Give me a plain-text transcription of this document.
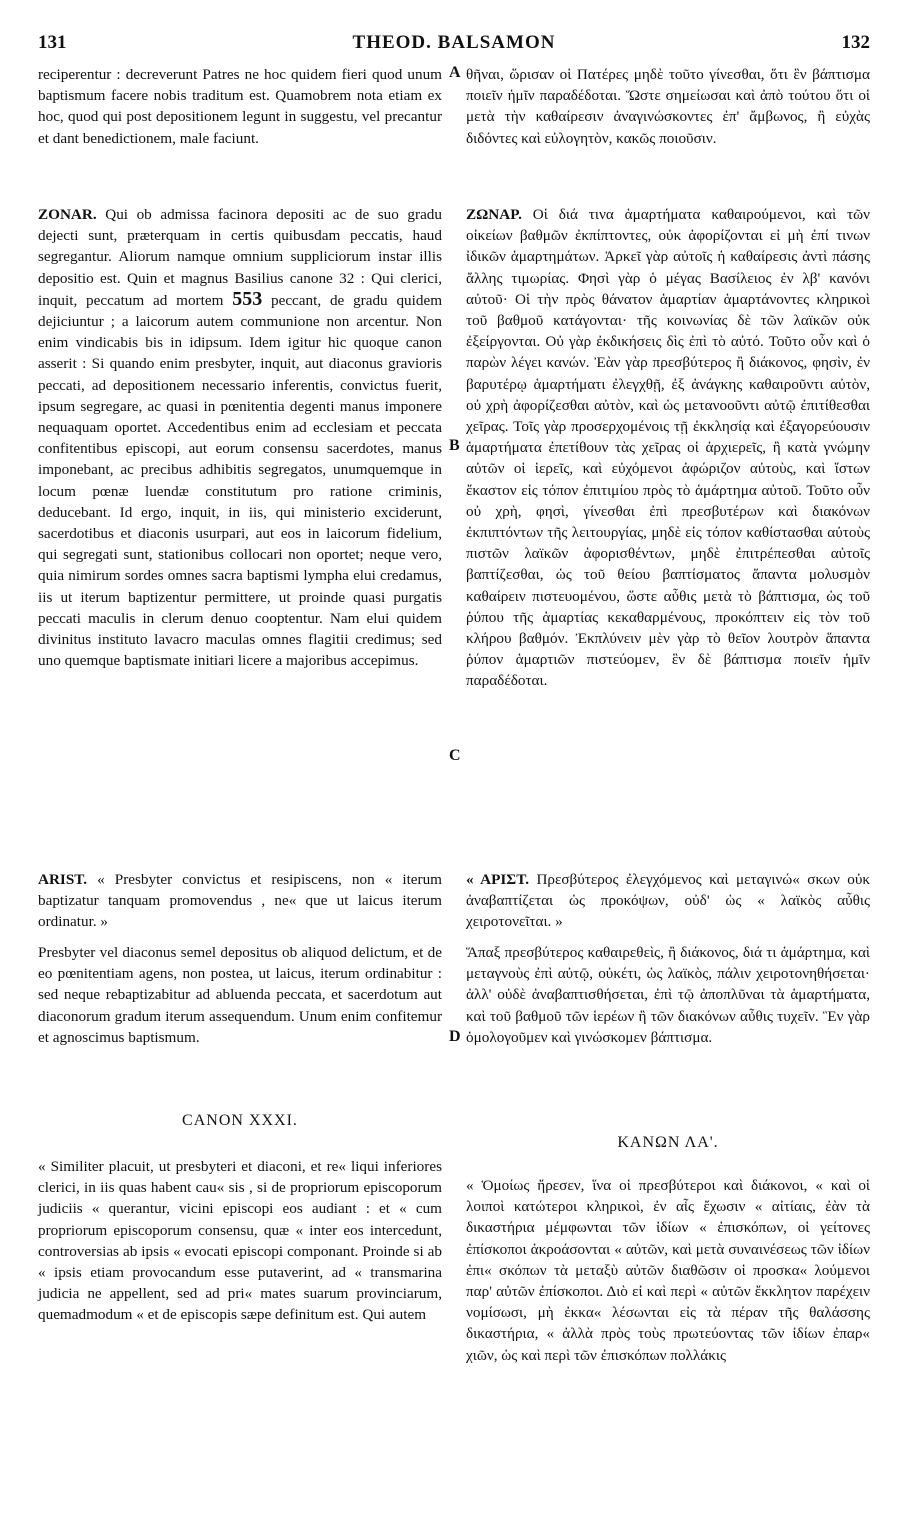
131	THEOD. BALSAMON	132
A
B
C
D

reciperentur : decreverunt Patres ne hoc quidem fieri quod unum baptismum facere nobis traditum est. Quamobrem nota etiam ex hoc, quod qui post depositionem legunt in suggestu, vel precantur et dant benedictionem, male faciunt.

ZONAR. Qui ob admissa facinora depositi ac de suo gradu dejecti sunt, præterquam in certis quibusdam peccatis, haud segregantur. Aliorum namque omnium suppliciorum instar illis depositio est. Quin et magnus Basilius canone 32 : Qui clerici, inquit, peccatum ad mortem 553 peccant, de gradu quidem dejiciuntur ; a laicorum autem communione non arcentur. Non enim vindicabis bis in idipsum. Idem igitur hic quoque canon asserit : Si quando enim presbyter, inquit, aut diaconus gravioris peccati, ad depositionem necessario inferentis, convictus fuerit, ipsum segregare, ac quasi in pœnitentia degenti manus imponere nequaquam oportet. Accedentibus enim ad ecclesiam et peccata confitentibus episcopi, aut eorum consensu sacerdotes, manus imponebant, ac precibus adhibitis segregatos, unumquemque in locum pœnæ luendæ constitutum pro ratione criminis, deducebant. Id ergo, inquit, in iis, qui ministerio exciderunt, sacerdotibus et diaconis usurpari, aut eos in laicorum fidelium, qui segregati sunt, stationibus collocari non oportet; neque vero, quia nimirum sordes omnes sacra baptismi lympha elui credamus, iis ut iterum baptizentur permittere, ut proinde quasi purgatis peccati maculis in clerum denuo cooptentur. Nam elui quidem divinitus instituto lavacro maculas omnes flagitii credimus; sed uno quemque baptismate initiari licere a majoribus accepimus.

ARIST. « Presbyter convictus et resipiscens, non « iterum baptizatur tanquam promovendus , ne« que ut laicus iterum ordinatur. »

Presbyter vel diaconus semel depositus ob aliquod delictum, et de eo pœnitentiam agens, non postea, ut laicus, iterum ordinabitur : sed neque rebaptizabitur ad abluenda peccata, et sacerdotum aut diaconorum gradum iterum assequendum. Unum enim confitemur et agnoscimus baptismum.

CANON XXXI.

« Similiter placuit, ut presbyteri et diaconi, et re« liqui inferiores clerici, in iis quas habent cau« sis , si de propriorum episcoporum judiciis « querantur, vicini episcopi eos audiant : et « cum propriorum episcoporum consensu, quæ « inter eos intercedunt, controversias ab ipsis « evocati episcopi componant. Proinde si ab « ipsis etiam provocandum esse putaverint, ad « transmarina judicia ne appellent, sed ad pri« mates suarum provinciarum, quemadmodum « et de episcopis sæpe definitum est. Qui autem

θῆναι, ὥρισαν οἱ Πατέρες μηδὲ τοῦτο γίνεσθαι, ὅτι ἓν βάπτισμα ποιεῖν ἡμῖν παραδέδοται. Ὥστε σημείωσαι καὶ ἀπὸ τούτου ὅτι οἱ μετὰ τὴν καθαίρεσιν ἀναγινώσκοντες ἐπ' ἄμβωνος, ἢ εὐχὰς διδόντες καὶ εὐλογητὸν, κακῶς ποιοῦσιν.

ΖΩΝΑΡ. Οἱ διά τινα ἁμαρτήματα καθαιρούμενοι, καὶ τῶν οἰκείων βαθμῶν ἐκπίπτοντες, οὐκ ἀφορίζονται εἰ μὴ ἐπί τινων ἰδικῶν ἁμαρτημάτων. Ἀρκεῖ γὰρ αὐτοῖς ἡ καθαίρεσις ἀντὶ πάσης ἄλλης τιμωρίας. Φησὶ γὰρ ὁ μέγας Βασίλειος ἐν λβ' κανόνι αὐτοῦ· Οἱ τὴν πρὸς θάνατον ἁμαρτίαν ἁμαρτάνοντες κληρικοὶ τοῦ βαθμοῦ κατάγονται· τῆς κοινωνίας δὲ τῶν λαϊκῶν οὐκ ἐξείργονται. Οὐ γὰρ ἐκδικήσεις δὶς ἐπὶ τὸ αὐτό. Τοῦτο οὖν καὶ ὁ παρὼν λέγει κανών. Ἐὰν γὰρ πρεσβύτερος ἢ διάκονος, φησὶν, ἐν βαρυτέρῳ ἁμαρτήματι ἐλεγχθῇ, ἐξ ἀνάγκης καθαιροῦντι αὐτὸν, οὐ χρὴ ἀφορίζεσθαι αὐτὸν, καὶ ὡς μετανοοῦντι αὐτῷ ἐπιτίθεσθαι χεῖρας. Τοῖς γὰρ προσερχομένοις τῇ ἐκκλησίᾳ καὶ ἐξαγορεύουσιν ἁμαρτήματα ἐπετίθουν τὰς χεῖρας οἱ ἀρχιερεῖς, ἢ κατὰ γνώμην αὐτῶν οἱ ἱερεῖς, καὶ εὐχόμενοι ἀφώριζον αὐτοὺς, καὶ ἵστων ἕκαστον εἰς τόπον ἐπιτιμίου πρὸς τὸ ἁμάρτημα αὐτοῦ. Τοῦτο οὖν οὐ χρὴ, φησὶ, γίνεσθαι ἐπὶ πρεσβυτέρων καὶ διακόνων ἐκπιπτόντων τῆς λειτουργίας, μηδὲ εἰς τόπον καθίστασθαι αὐτοὺς πιστῶν λαϊκῶν ἀφορισθέντων, μηδὲ ἐπιτρέπεσθαι αὐτοῖς βαπτίζεσθαι, ὡς τοῦ θείου βαπτίσματος ἅπαντα μολυσμὸν καθαίρειν πιστευομένου, ὥστε αὖθις μετὰ τὸ βάπτισμα, ὡς τοῦ ῥύπου τῆς ἁμαρτίας κεκαθαρμένους, προκόπτειν εἰς τὸν τοῦ κλήρου βαθμόν. Ἐκπλύνειν μὲν γὰρ τὸ θεῖον λουτρὸν ἅπαντα ῥύπον ἁμαρτιῶν πιστεύομεν, ἓν δὲ βάπτισμα ποιεῖν ἡμῖν παραδέδοται.

« ΑΡΙΣΤ. Πρεσβύτερος ἐλεγχόμενος καὶ μεταγινώ« σκων οὐκ ἀναβαπτίζεται ὡς προκόψων, οὐδ' ὡς « λαϊκὸς αὖθις χειροτονεῖται. »

Ἅπαξ πρεσβύτερος καθαιρεθεὶς, ἢ διάκονος, διά τι ἁμάρτημα, καὶ μεταγνοὺς ἐπὶ αὐτῷ, οὐκέτι, ὡς λαϊκὸς, πάλιν χειροτονηθήσεται· ἀλλ' οὐδὲ ἀναβαπτισθήσεται, ἐπὶ τῷ ἀποπλῦναι τὰ ἁμαρτήματα, καὶ τοῦ βαθμοῦ τῶν ἱερέων ἢ τῶν διακόνων αὖθις τυχεῖν. Ἓν γὰρ ὁμολογοῦμεν καὶ γινώσκομεν βάπτισμα.

ΚΑΝΩΝ ΛΑ'.

« Ὁμοίως ἤρεσεν, ἵνα οἱ πρεσβύτεροι καὶ διάκονοι, « καὶ οἱ λοιποὶ κατώτεροι κληρικοὶ, ἐν αἷς ἔχωσιν « αἰτίαις, ἐὰν τὰ δικαστήρια μέμφωνται τῶν ἰδίων « ἐπισκόπων, οἱ γείτονες ἐπίσκοποι ἀκροάσονται « αὐτῶν, καὶ μετὰ συναινέσεως τῶν ἰδίων ἐπι« σκόπων τὰ μεταξὺ αὐτῶν διαθῶσιν οἱ προσκα« λούμενοι παρ' αὐτῶν ἐπίσκοποι. Διὸ εἰ καὶ περὶ « αὐτῶν ἔκκλητον παρέχειν νομίσωσι, μὴ ἐκκα« λέσωνται εἰς τὰ πέραν τῆς θαλάσσης δικαστήρια, « ἀλλὰ πρὸς τοὺς πρωτεύοντας τῶν ἰδίων ἐπαρ« χιῶν, ὡς καὶ περὶ τῶν ἐπισκόπων πολλάκις
